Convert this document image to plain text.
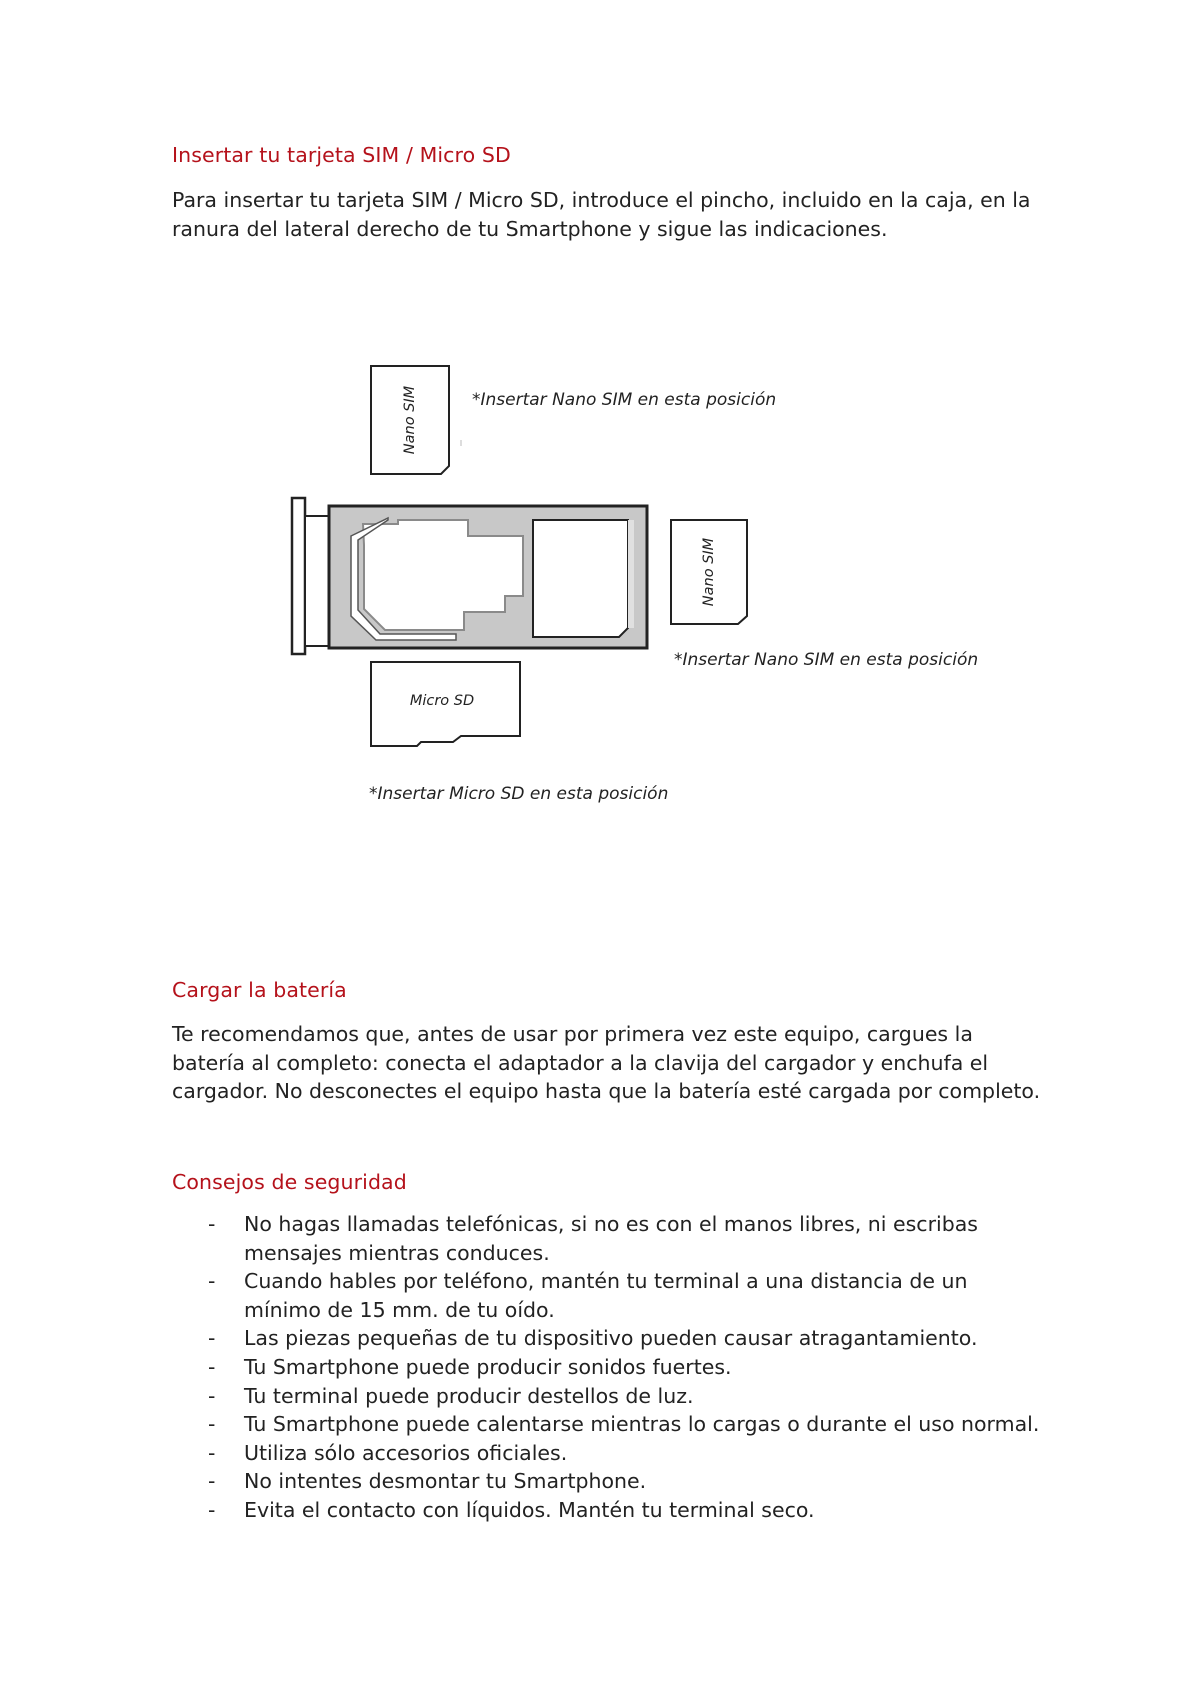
Insertar tu tarjeta SIM / Micro SD

Para insertar tu tarjeta SIM / Micro SD, introduce el pincho, incluido en la caja, en la
ranura del lateral derecho de tu Smartphone y sigue las indicaciones.

Nano SIM	*Insertar Nano SIM en esta posición
Nano SIM
*Insertar Nano SIM en esta posición
Micro SD
*Insertar Micro SD en esta posición
Cargar la batería

Te recomendamos que, antes de usar por primera vez este equipo, cargues la
batería al completo: conecta el adaptador a la clavija del cargador y enchufa el
cargador. No desconectes el equipo hasta que la batería esté cargada por completo.

Consejos de seguridad
- No hagas llamadas telefónicas, si no es con el manos libres, ni escribas
mensajes mientras conduces.
- Cuando hables por teléfono, mantén tu terminal a una distancia de un
mínimo de 15 mm. de tu oído.
- Las piezas pequeñas de tu dispositivo pueden causar atragantamiento.
- Tu Smartphone puede producir sonidos fuertes.
- Tu terminal puede producir destellos de luz.
- Tu Smartphone puede calentarse mientras lo cargas o durante el uso normal.
- Utiliza sólo accesorios oficiales.
- No intentes desmontar tu Smartphone.
- Evita el contacto con líquidos. Mantén tu terminal seco.
